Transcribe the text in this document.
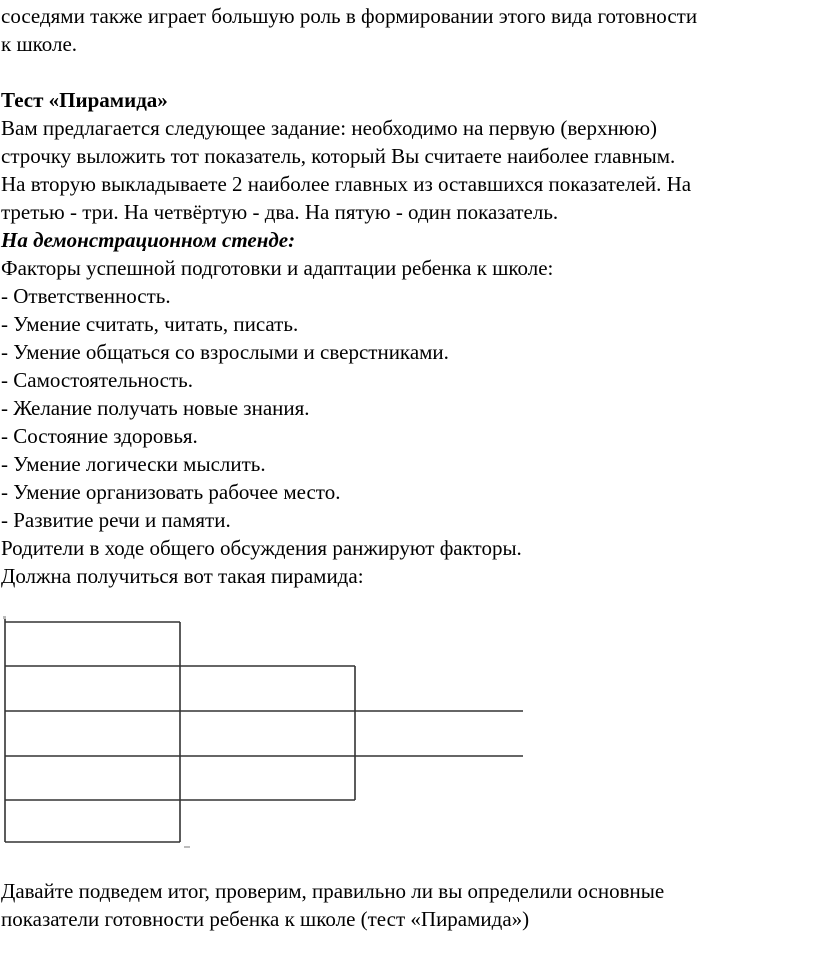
соседями также играет большую роль в формировании этого вида готовности
к школе.
Тест «Пирамида»
Вам предлагается следующее задание: необходимо на первую (верхнюю)
строчку выложить тот показатель, который Вы считаете наиболее главным.
На вторую выкладываете 2 наиболее главных из оставшихся показателей. На
третью - три. На четвёртую - два. На пятую - один показатель.
На демонстрационном стенде:
Факторы успешной подготовки и адаптации ребенка к школе:
- Ответственность.
- Умение считать, читать, писать.
- Умение общаться со взрослыми и сверстниками.
- Самостоятельность.
- Желание получать новые знания.
- Состояние здоровья.
- Умение логически мыслить.
- Умение организовать рабочее место.
- Развитие речи и памяти.
Родители в ходе общего обсуждения ранжируют факторы.
Должна получиться вот такая пирамида:
Давайте подведем итог, проверим, правильно ли вы определили основные
показатели готовности ребенка к школе (тест «Пирамида»)
